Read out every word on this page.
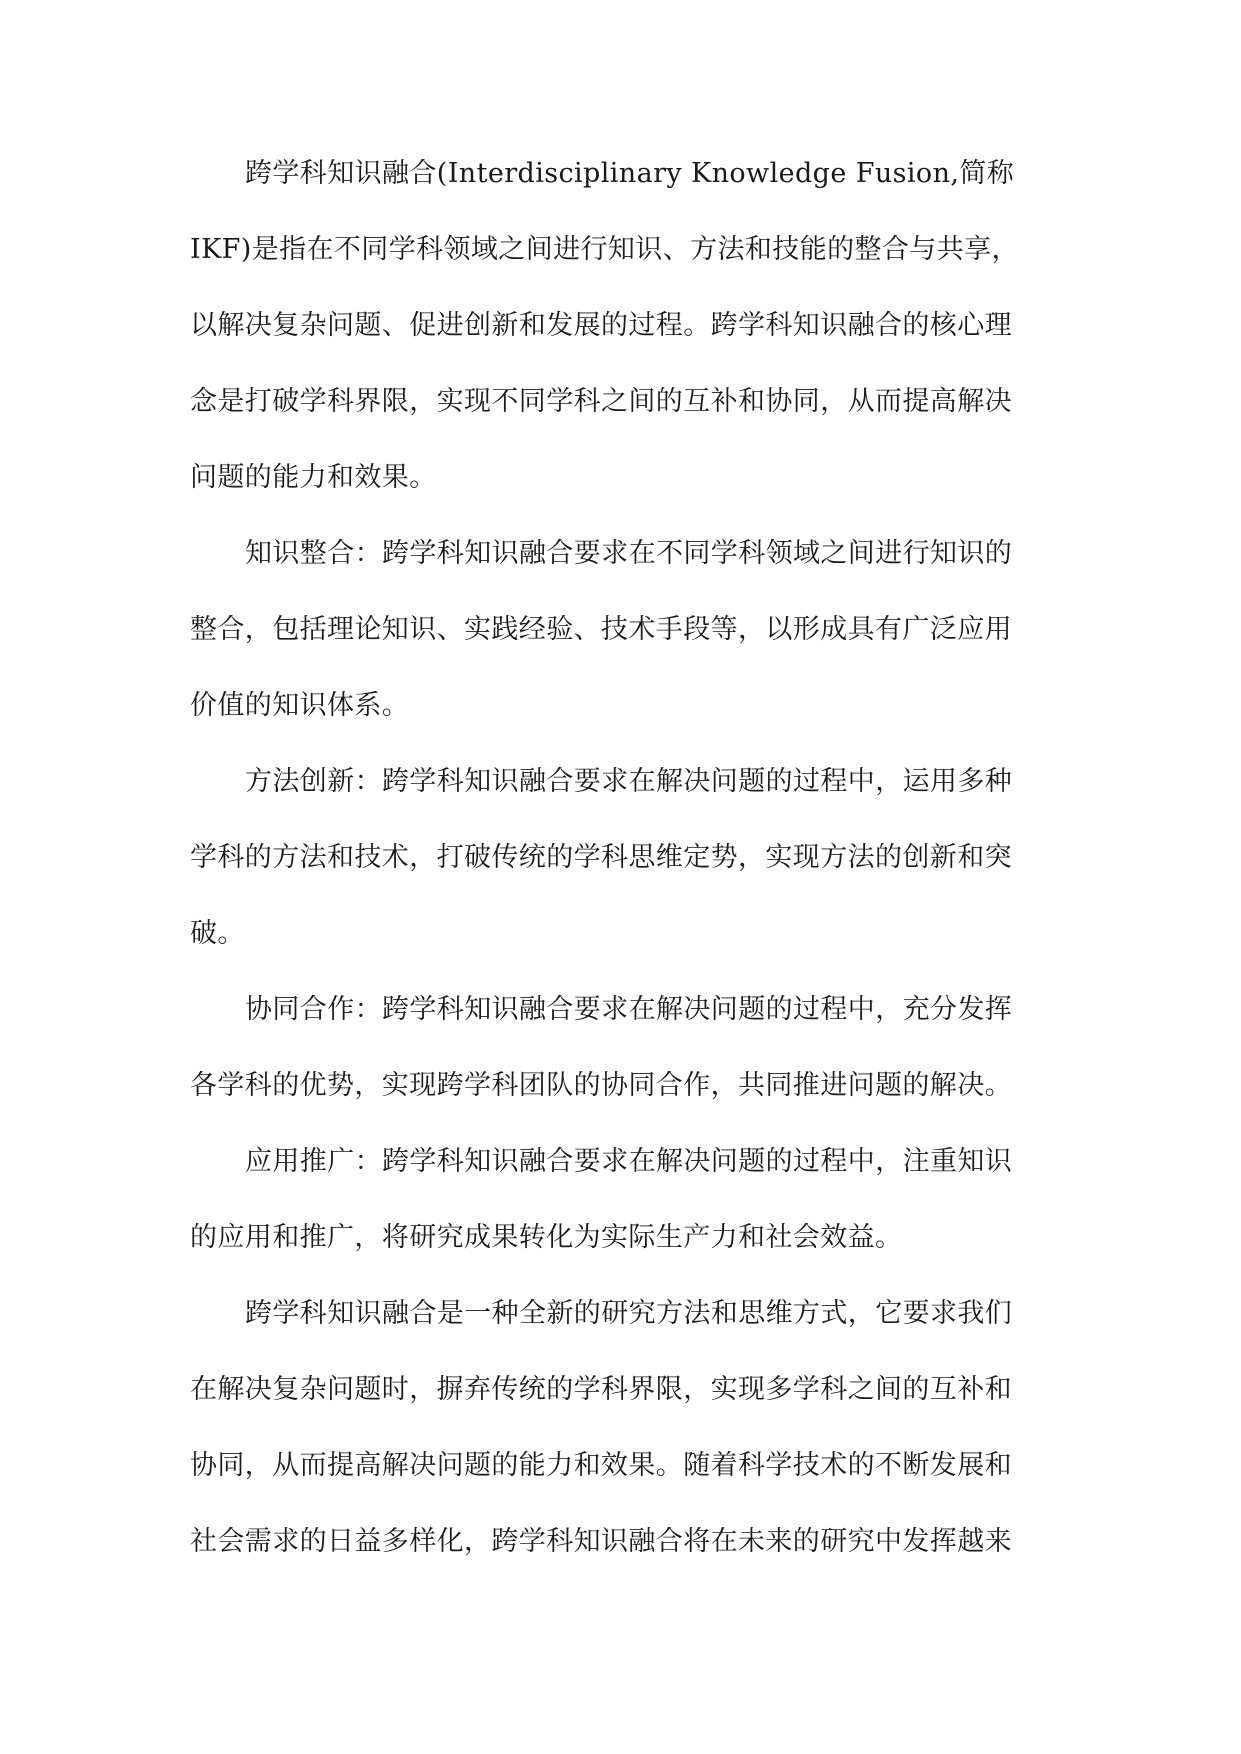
跨学科知识融合(Interdisciplinary Knowledge Fusion,简称
IKF)是指在不同学科领域之间进行知识、方法和技能的整合与共享，
以解决复杂问题、促进创新和发展的过程。跨学科知识融合的核心理
念是打破学科界限，实现不同学科之间的互补和协同，从而提高解决
问题的能力和效果。
知识整合：跨学科知识融合要求在不同学科领域之间进行知识的
整合，包括理论知识、实践经验、技术手段等，以形成具有广泛应用
价值的知识体系。
方法创新：跨学科知识融合要求在解决问题的过程中，运用多种
学科的方法和技术，打破传统的学科思维定势，实现方法的创新和突
破。
协同合作：跨学科知识融合要求在解决问题的过程中，充分发挥
各学科的优势，实现跨学科团队的协同合作，共同推进问题的解决。
应用推广：跨学科知识融合要求在解决问题的过程中，注重知识
的应用和推广，将研究成果转化为实际生产力和社会效益。
跨学科知识融合是一种全新的研究方法和思维方式，它要求我们
在解决复杂问题时，摒弃传统的学科界限，实现多学科之间的互补和
协同，从而提高解决问题的能力和效果。随着科学技术的不断发展和
社会需求的日益多样化，跨学科知识融合将在未来的研究中发挥越来
